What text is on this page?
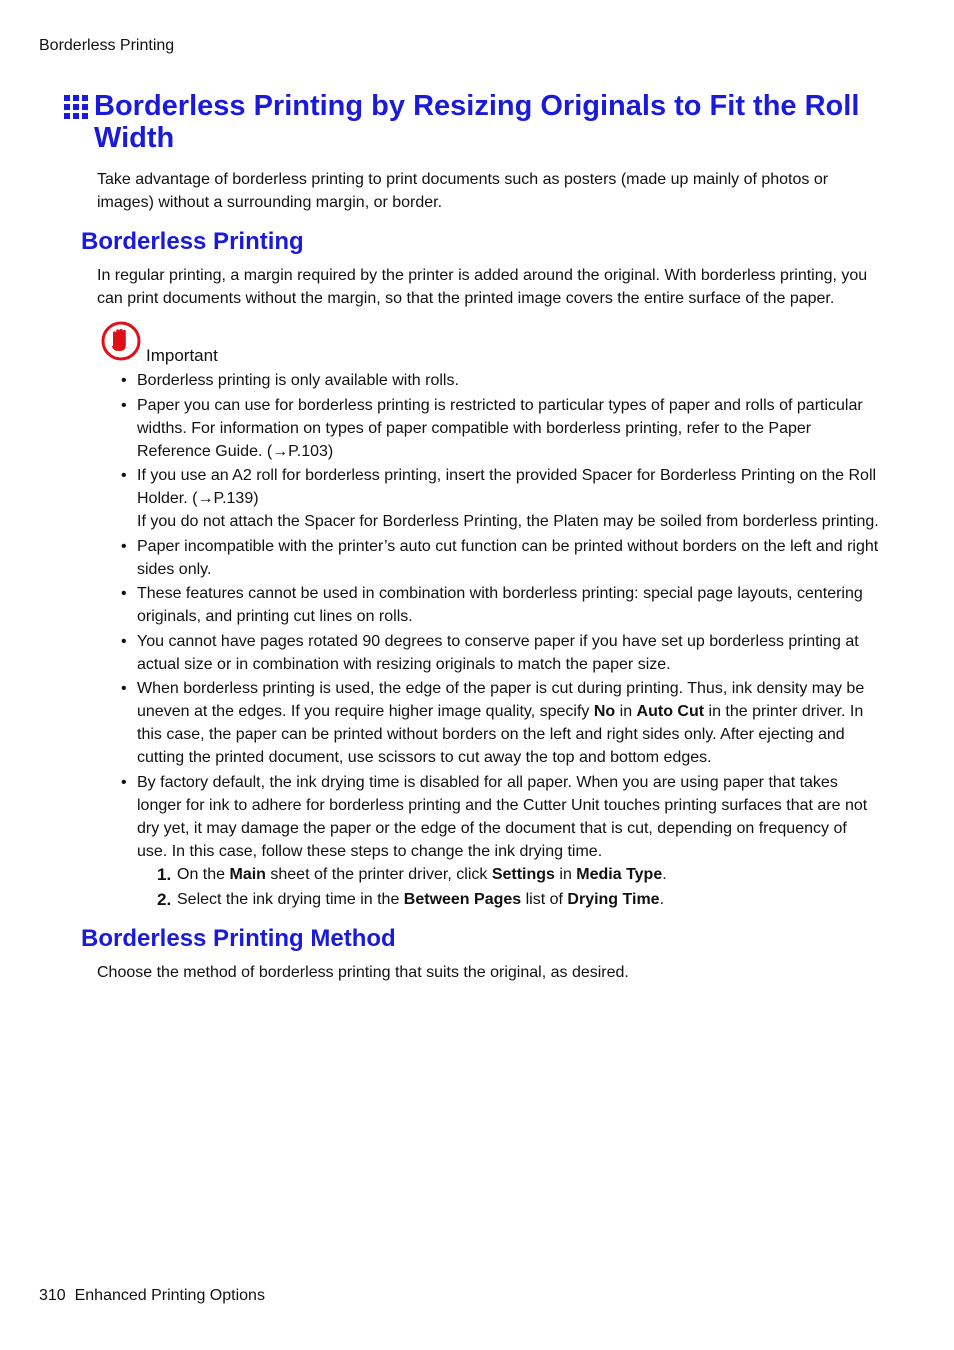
Borderless Printing
Borderless Printing by Resizing Originals to Fit the Roll Width

Take advantage of borderless printing to print documents such as posters (made up mainly of photos or images) without a surrounding margin, or border.

Borderless Printing

In regular printing, a margin required by the printer is added around the original. With borderless printing, you can print documents without the margin, so that the printed image covers the entire surface of the paper.

Important
• Borderless printing is only available with rolls.
• Paper you can use for borderless printing is restricted to particular types of paper and rolls of particular widths. For information on types of paper compatible with borderless printing, refer to the Paper Reference Guide. (→P.103)
• If you use an A2 roll for borderless printing, insert the provided Spacer for Borderless Printing on the Roll Holder. (→P.139)
If you do not attach the Spacer for Borderless Printing, the Platen may be soiled from borderless printing.
• Paper incompatible with the printer’s auto cut function can be printed without borders on the left and right sides only.
• These features cannot be used in combination with borderless printing: special page layouts, centering originals, and printing cut lines on rolls.
• You cannot have pages rotated 90 degrees to conserve paper if you have set up borderless printing at actual size or in combination with resizing originals to match the paper size.
• When borderless printing is used, the edge of the paper is cut during printing. Thus, ink density may be uneven at the edges. If you require higher image quality, specify No in Auto Cut in the printer driver. In this case, the paper can be printed without borders on the left and right sides only. After ejecting and cutting the printed document, use scissors to cut away the top and bottom edges.
• By factory default, the ink drying time is disabled for all paper. When you are using paper that takes longer for ink to adhere for borderless printing and the Cutter Unit touches printing surfaces that are not dry yet, it may damage the paper or the edge of the document that is cut, depending on frequency of use. In this case, follow these steps to change the ink drying time.
1. On the Main sheet of the printer driver, click Settings in Media Type.
2. Select the ink drying time in the Between Pages list of Drying Time.
Borderless Printing Method

Choose the method of borderless printing that suits the original, as desired.

310 Enhanced Printing Options
